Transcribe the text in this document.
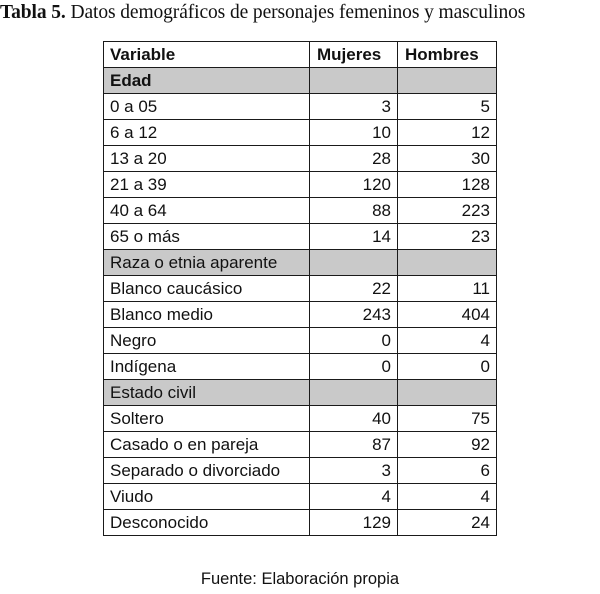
Tabla 5. Datos demográficos de personajes femeninos y masculinos
Variable	Mujeres	Hombres
Edad		
0 a 05	3	5
6 a 12	10	12
13 a 20	28	30
21 a 39	120	128
40 a 64	88	223
65 o más	14	23
Raza o etnia aparente		
Blanco caucásico	22	11
Blanco medio	243	404
Negro	0	4
Indígena	0	0
Estado civil		
Soltero	40	75
Casado o en pareja	87	92
Separado o divorciado	3	6
Viudo	4	4
Desconocido	129	24
Fuente: Elaboración propia
